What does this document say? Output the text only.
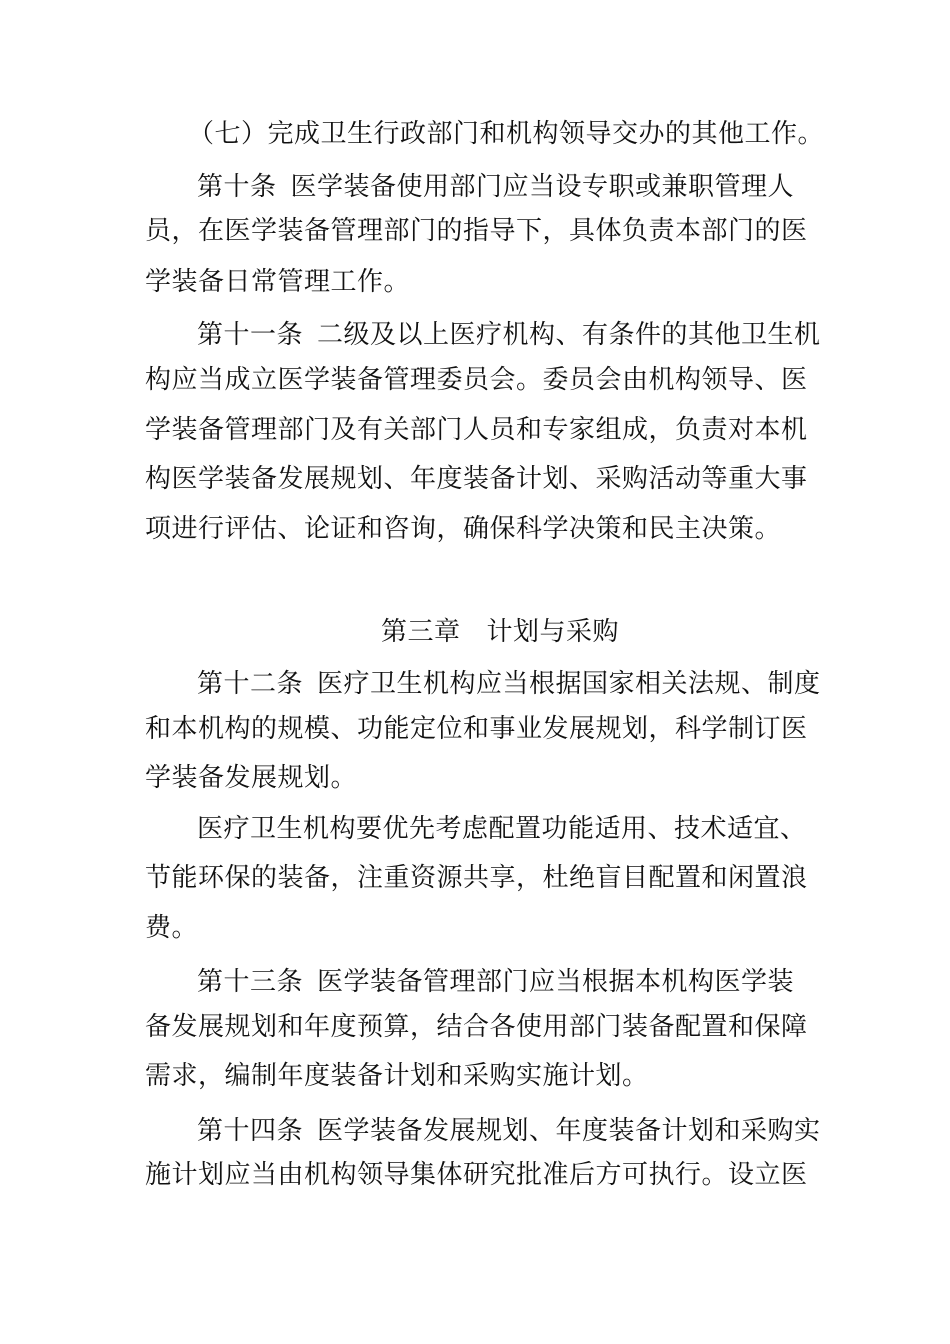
（七）完成卫生行政部门和机构领导交办的其他工作。
第十条 医学装备使用部门应当设专职或兼职管理人
员，在医学装备管理部门的指导下，具体负责本部门的医
学装备日常管理工作。
第十一条 二级及以上医疗机构、有条件的其他卫生机
构应当成立医学装备管理委员会。委员会由机构领导、医
学装备管理部门及有关部门人员和专家组成，负责对本机
构医学装备发展规划、年度装备计划、采购活动等重大事
项进行评估、论证和咨询，确保科学决策和民主决策。
第三章 计划与采购
第十二条 医疗卫生机构应当根据国家相关法规、制度
和本机构的规模、功能定位和事业发展规划，科学制订医
学装备发展规划。
医疗卫生机构要优先考虑配置功能适用、技术适宜、
节能环保的装备，注重资源共享，杜绝盲目配置和闲置浪
费。
第十三条 医学装备管理部门应当根据本机构医学装
备发展规划和年度预算，结合各使用部门装备配置和保障
需求，编制年度装备计划和采购实施计划。
第十四条 医学装备发展规划、年度装备计划和采购实
施计划应当由机构领导集体研究批准后方可执行。设立医
